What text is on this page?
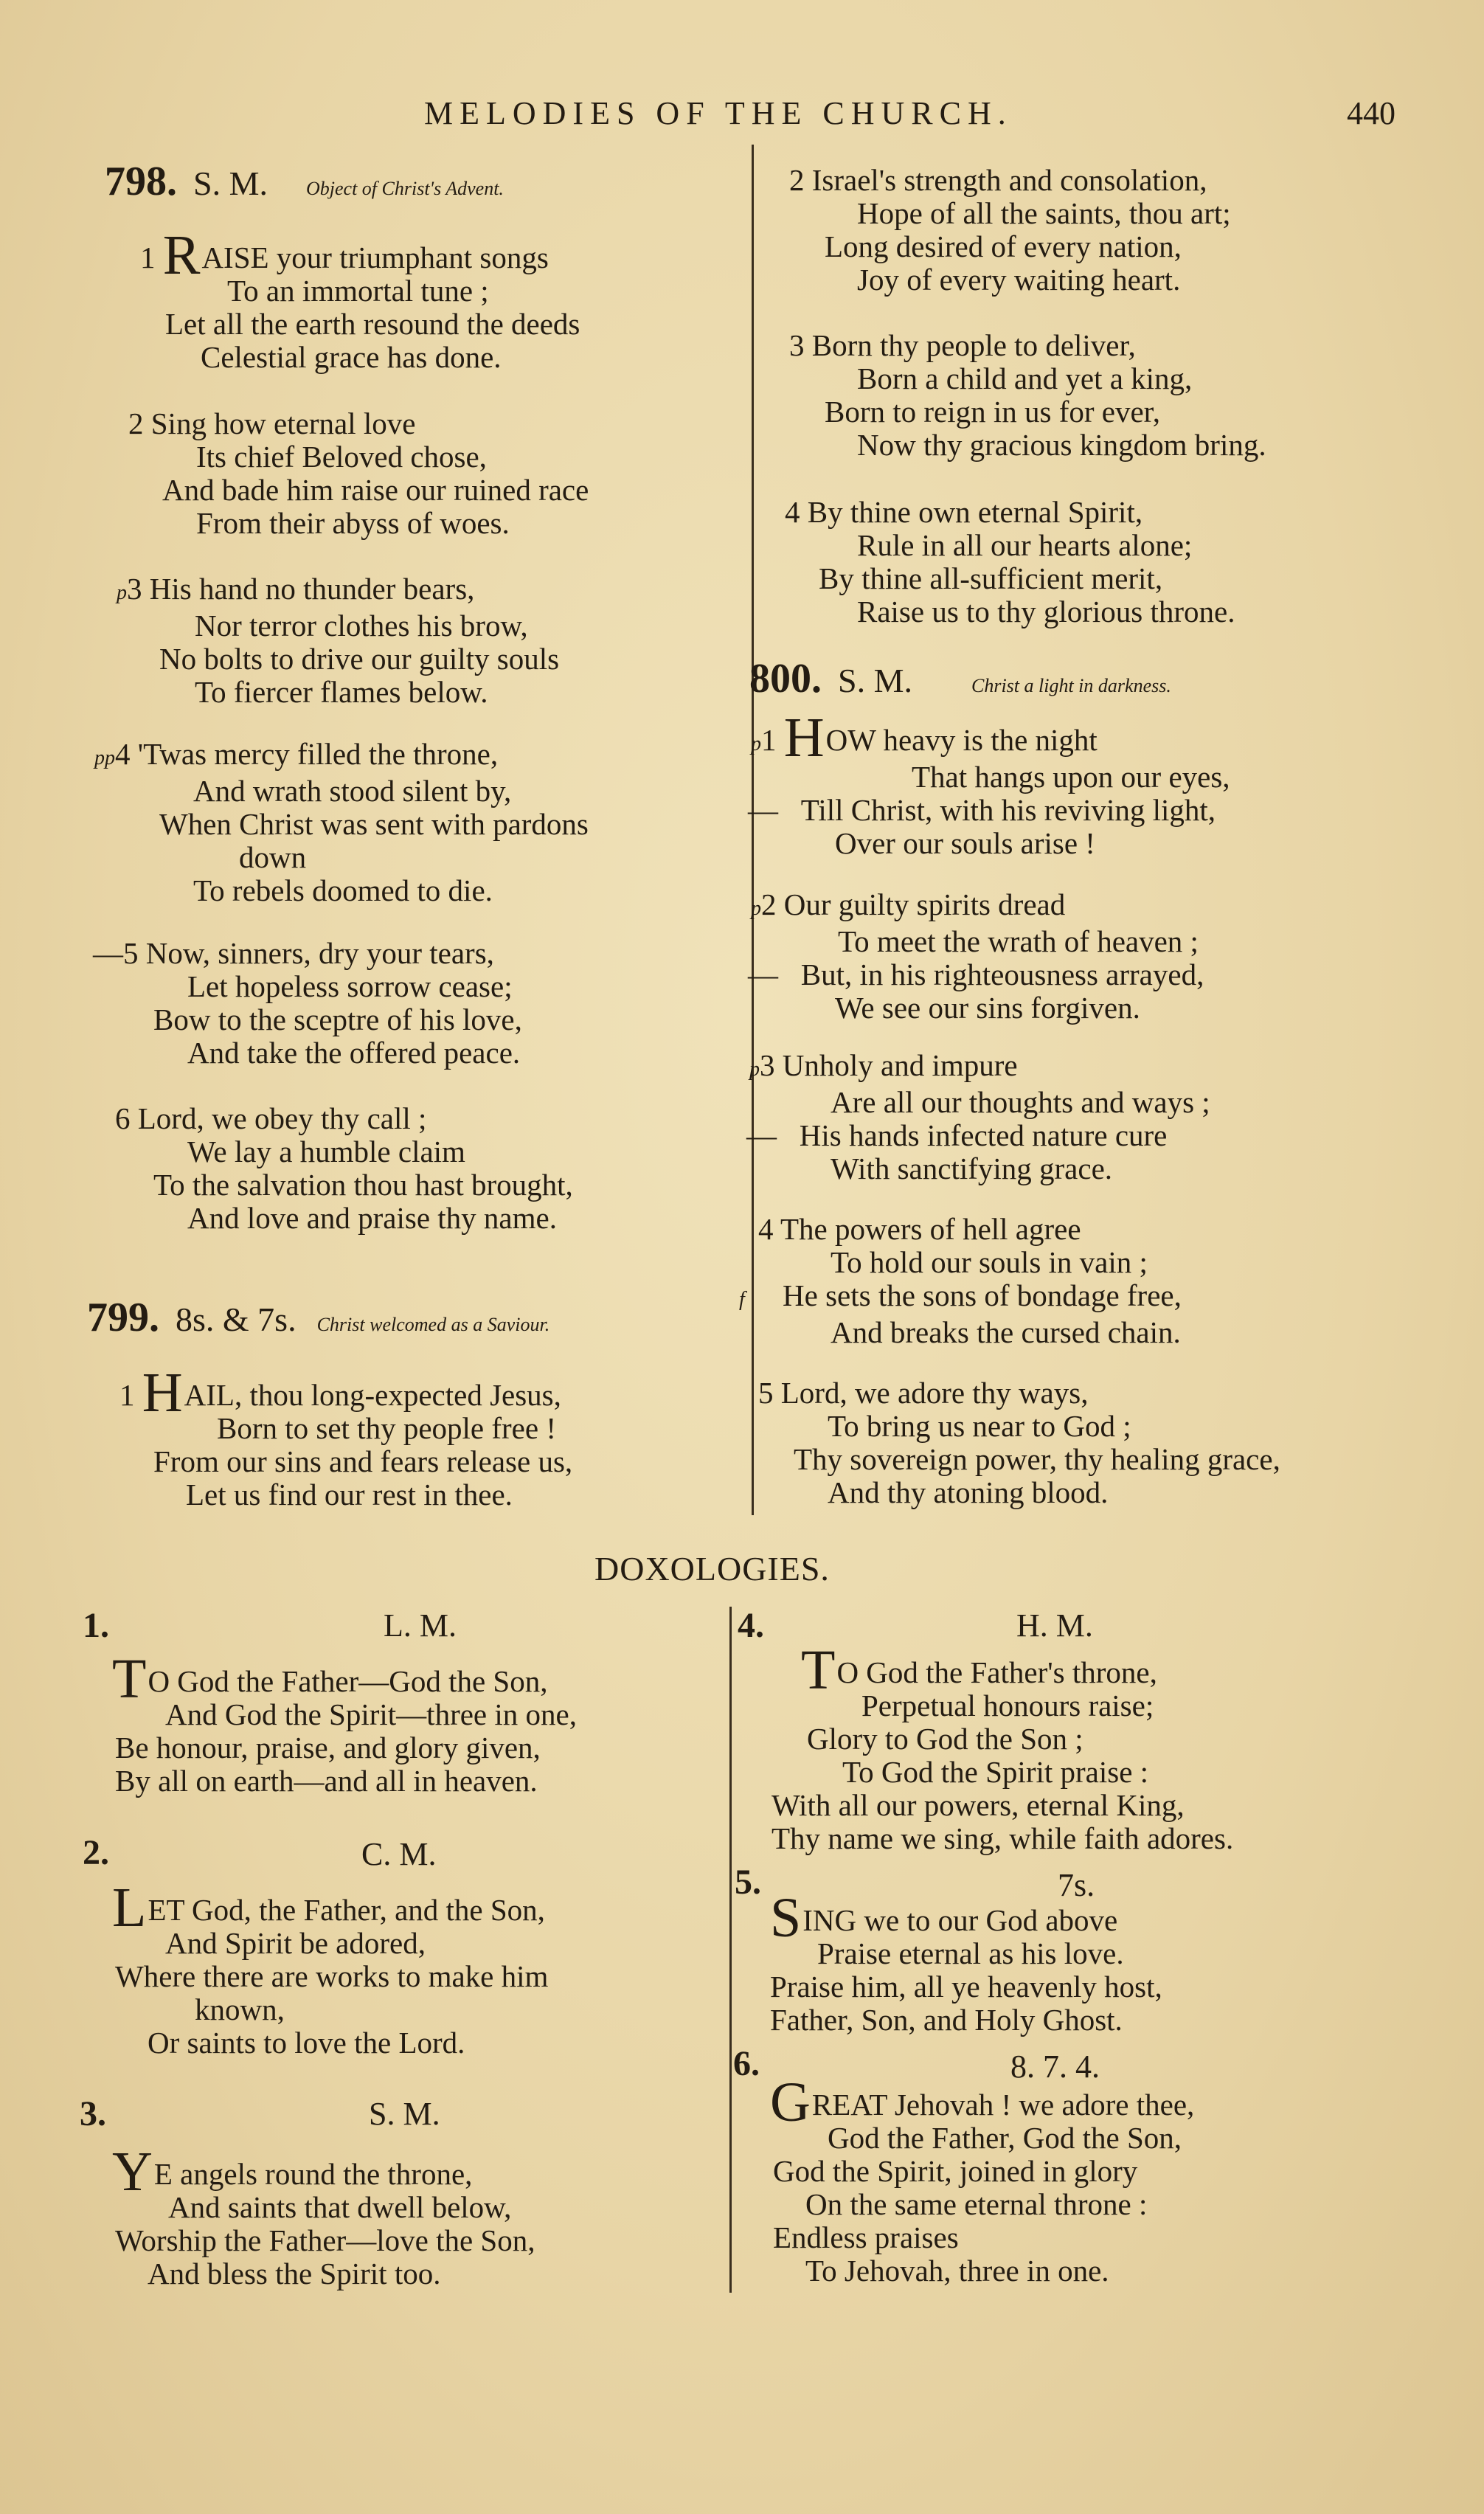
MELODIES OF THE CHURCH.	440
798. S. M. Object of Christ's Advent.
1 RAISE your triumphant songs
To an immortal tune ;
Let all the earth resound the deeds
Celestial grace has done.
2 Sing how eternal love
Its chief Beloved chose,
And bade him raise our ruined race
From their abyss of woes.
p3 His hand no thunder bears,
Nor terror clothes his brow,
No bolts to drive our guilty souls
To fiercer flames below.
pp4 'Twas mercy filled the throne,
And wrath stood silent by,
When Christ was sent with pardons
down
To rebels doomed to die.
—5 Now, sinners, dry your tears,
Let hopeless sorrow cease;
Bow to the sceptre of his love,
And take the offered peace.
6 Lord, we obey thy call ;
We lay a humble claim
To the salvation thou hast brought,
And love and praise thy name.
799. 8s. & 7s. Christ welcomed as a Saviour.
1 HAIL, thou long-expected Jesus,
Born to set thy people free !
From our sins and fears release us,
Let us find our rest in thee.
2 Israel's strength and consolation,
Hope of all the saints, thou art;
Long desired of every nation,
Joy of every waiting heart.
3 Born thy people to deliver,
Born a child and yet a king,
Born to reign in us for ever,
Now thy gracious kingdom bring.
4 By thine own eternal Spirit,
Rule in all our hearts alone;
By thine all-sufficient merit,
Raise us to thy glorious throne.
800. S. M.	Christ a light in darkness.
p1 HOW heavy is the night
That hangs upon our eyes,
— Till Christ, with his reviving light,
Over our souls arise !
p2 Our guilty spirits dread
To meet the wrath of heaven ;
— But, in his righteousness arrayed,
We see our sins forgiven.
p3 Unholy and impure
Are all our thoughts and ways ;
— His hands infected nature cure
With sanctifying grace.
4 The powers of hell agree
To hold our souls in vain ;
f He sets the sons of bondage free,
And breaks the cursed chain.
5 Lord, we adore thy ways,
To bring us near to God ;
Thy sovereign power, thy healing grace,
And thy atoning blood.
DOXOLOGIES.
1.	L. M.
TO God the Father—God the Son,
And God the Spirit—three in one,
Be honour, praise, and glory given,
By all on earth—and all in heaven.
2.	C. M.
LET God, the Father, and the Son,
And Spirit be adored,
Where there are works to make him
known,
Or saints to love the Lord.
3.	S. M.
YE angels round the throne,
And saints that dwell below,
Worship the Father—love the Son,
And bless the Spirit too.
4.	H. M.
TO God the Father's throne,
Perpetual honours raise;
Glory to God the Son ;
To God the Spirit praise :
With all our powers, eternal King,
Thy name we sing, while faith adores.
5.	7s.
SING we to our God above
Praise eternal as his love.
Praise him, all ye heavenly host,
Father, Son, and Holy Ghost.
6.	8. 7. 4.
GREAT Jehovah ! we adore thee,
God the Father, God the Son,
God the Spirit, joined in glory
On the same eternal throne :
Endless praises
To Jehovah, three in one.
